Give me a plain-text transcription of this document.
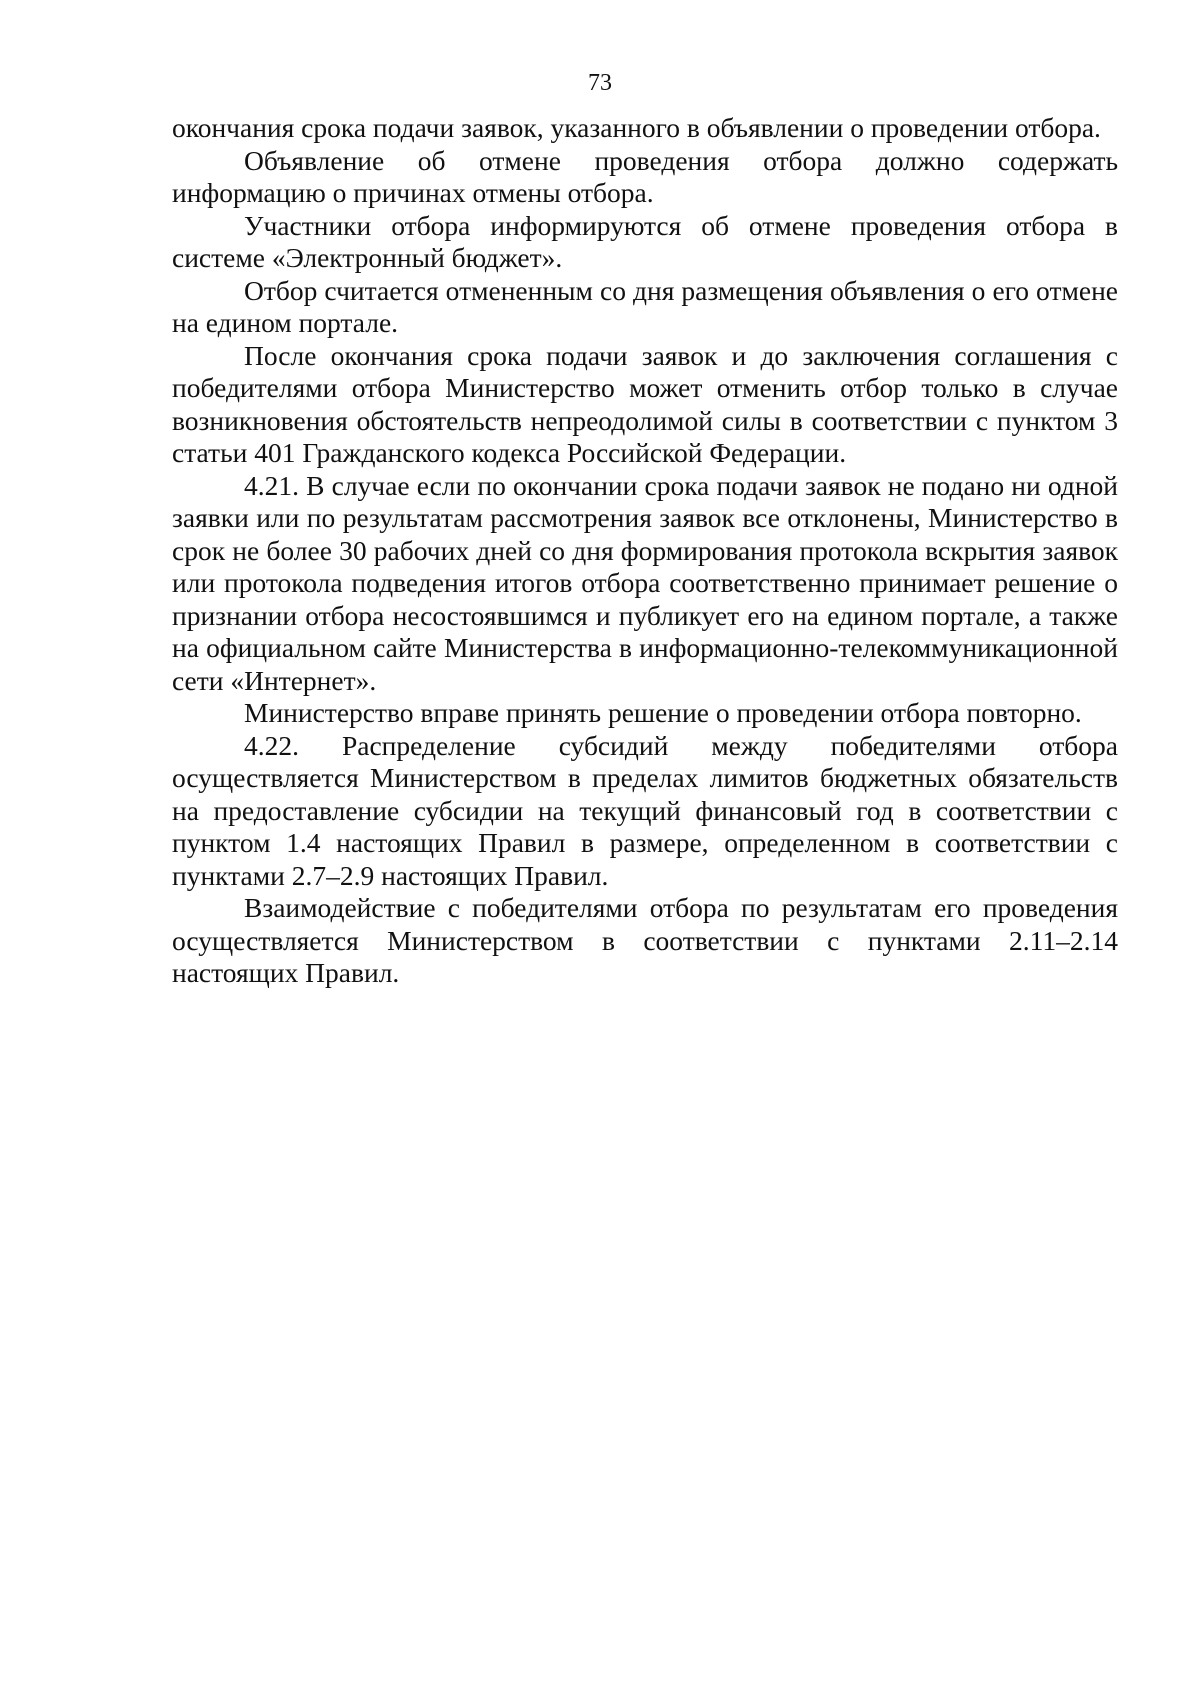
73

окончания срока подачи заявок, указанного в объявлении о проведении отбора.

Объявление об отмене проведения отбора должно содержать информацию о причинах отмены отбора.

Участники отбора информируются об отмене проведения отбора в системе «Электронный бюджет».

Отбор считается отмененным со дня размещения объявления о его отмене на едином портале.

После окончания срока подачи заявок и до заключения соглашения с победителями отбора Министерство может отменить отбор только в случае возникновения обстоятельств непреодолимой силы в соответствии с пунктом 3 статьи 401 Гражданского кодекса Российской Федерации.

4.21. В случае если по окончании срока подачи заявок не подано ни одной заявки или по результатам рассмотрения заявок все отклонены, Министерство в срок не более 30 рабочих дней со дня формирования протокола вскрытия заявок или протокола подведения итогов отбора соответственно принимает решение о признании отбора несостоявшимся и публикует его на едином портале, а также на официальном сайте Министерства в информационно-телекоммуникационной сети «Интернет».

Министерство вправе принять решение о проведении отбора повторно.

4.22. Распределение субсидий между победителями отбора осуществляется Министерством в пределах лимитов бюджетных обязательств на предоставление субсидии на текущий финансовый год в соответствии с пунктом 1.4 настоящих Правил в размере, определенном в соответствии с пунктами 2.7–2.9 настоящих Правил.

Взаимодействие с победителями отбора по результатам его проведения осуществляется Министерством в соответствии с пунктами 2.11–2.14 настоящих Правил.
